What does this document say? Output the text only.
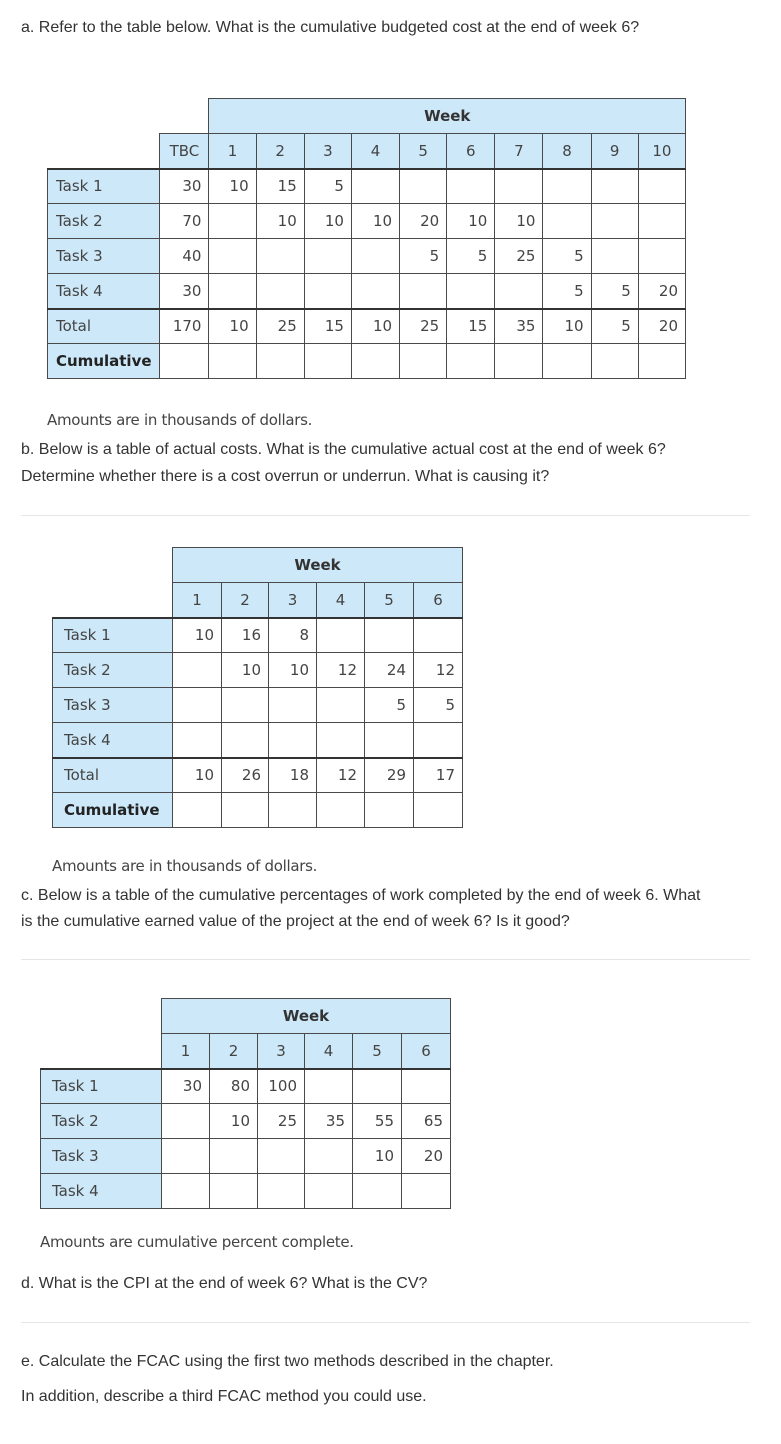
a. Refer to the table below. What is the cumulative budgeted cost at the end of week 6?

		Week									
	TBC	1	2	3	4	5	6	7	8	9	10
Task 1	30	10	15	5							
Task 2	70		10	10	10	20	10	10			
Task 3	40					5	5	25	5		
Task 4	30								5	5	20
Total	170	10	25	15	10	25	15	35	10	5	20
Cumulative											
Amounts are in thousands of dollars.

b. Below is a table of actual costs. What is the cumulative actual cost at the end of week 6?

Determine whether there is a cost overrun or underrun. What is causing it?

	Week					
	1	2	3	4	5	6
Task 1	10	16	8			
Task 2		10	10	12	24	12
Task 3					5	5
Task 4						
Total	10	26	18	12	29	17
Cumulative						
Amounts are in thousands of dollars.

c. Below is a table of the cumulative percentages of work completed by the end of week 6. What

is the cumulative earned value of the project at the end of week 6? Is it good?

	Week					
	1	2	3	4	5	6
Task 1	30	80	100			
Task 2		10	25	35	55	65
Task 3					10	20
Task 4						
Amounts are cumulative percent complete.

d. What is the CPI at the end of week 6? What is the CV?

e. Calculate the FCAC using the first two methods described in the chapter.

In addition, describe a third FCAC method you could use.
